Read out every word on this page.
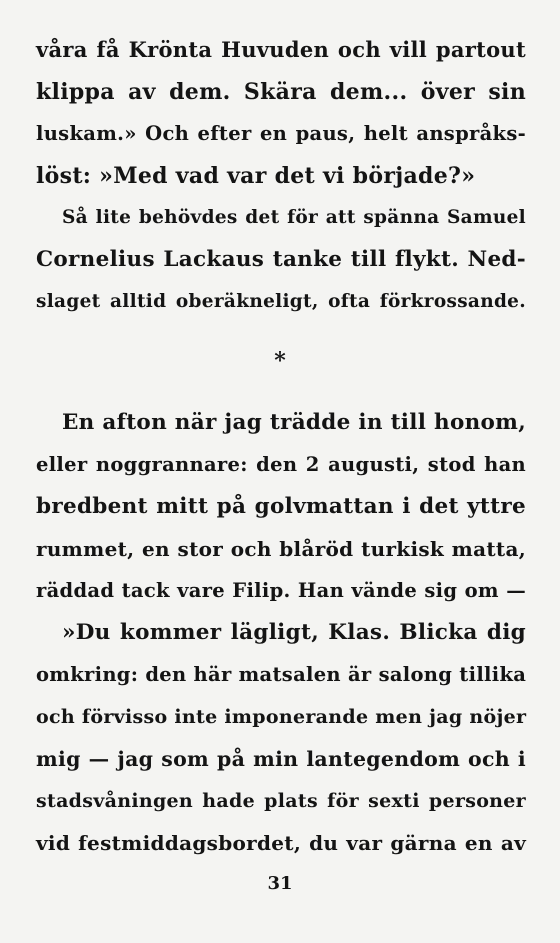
våra få Krönta Huvuden och vill partout
klippa av dem. Skära dem... över sin
luskam.» Och efter en paus, helt anspråks-
löst: »Med vad var det vi började?»
Så lite behövdes det för att spänna Samuel
Cornelius Lackaus tanke till flykt. Ned-
slaget alltid oberäkneligt, ofta förkrossande.
*
En afton när jag trädde in till honom,
eller noggrannare: den 2 augusti, stod han
bredbent mitt på golvmattan i det yttre
rummet, en stor och blåröd turkisk matta,
räddad tack vare Filip. Han vände sig om —
»Du kommer lägligt, Klas. Blicka dig
omkring: den här matsalen är salong tillika
och förvisso inte imponerande men jag nöjer
mig — jag som på min lantegendom och i
stadsvåningen hade plats för sexti personer
vid festmiddagsbordet, du var gärna en av
31
